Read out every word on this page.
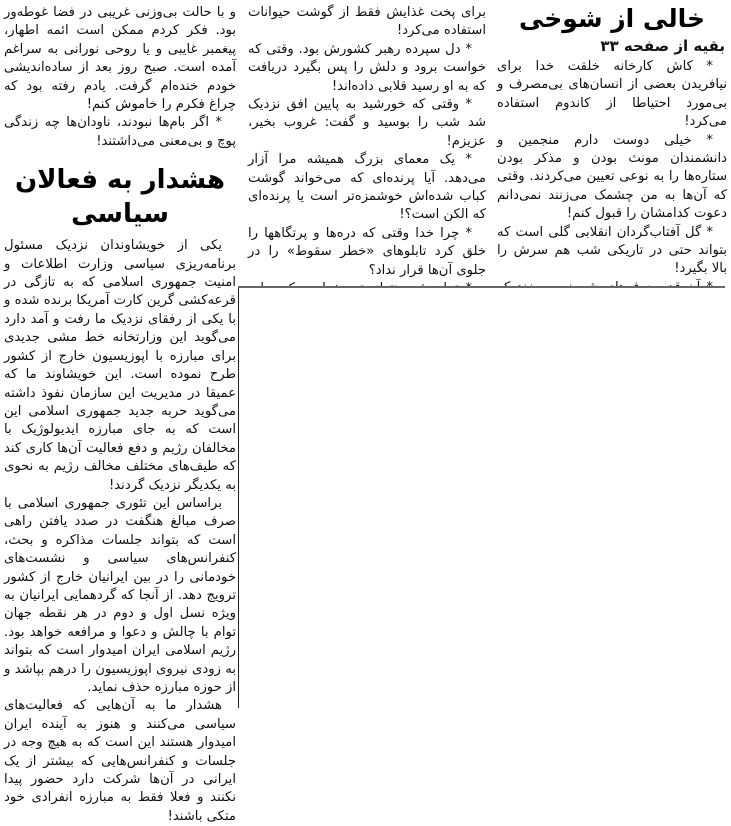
خالی از شوخی
بقیه از صفحه ۳۳

* کاش کارخانه خلقت خدا برای نیافریدن بعضی از انسان‌های بی‌مصرف و بی‌مورد احتیاطا از کاندوم استفاده می‌کرد!

* خیلی دوست دارم منجمین و دانشمندان مونث بودن و مذکر بودن ستاره‌ها را به نوعی تعیین می‌کردند. وقتی که آن‌ها به من چشمک می‌زنند نمی‌دانم دعوت کدامشان را قبول کنم!

* گل آفتاب‌گردان انقلابی گلی است که بتواند حتی در تاریکی شب هم سرش را بالا بگیرد!

برای پخت غذایش فقط از گوشت حیوانات استفاده می‌کرد!

* دل سپرده رهبر کشورش بود. وقتی که خواست برود و دلش را پس بگیرد دریافت که به او رسید قلابی داده‌اند!

* وقتی که خورشید به پایین افق نزدیک شد شب را بوسید و گفت: غروب بخیر، عزیزم!

* یک معمای بزرگ همیشه مرا آزار می‌دهد. آیا پرنده‌ای که می‌خواند گوشت کباب شده‌اش خوشمزه‌تر است یا پرنده‌ای که الکن است؟!

* چرا خدا وقتی که دره‌ها و پرتگاهها را خلق کرد تابلوهای «خطر سقوط» را در جلوی آن‌ها قرار نداد؟

و با حالت بی‌وزنی غریبی در فضا غوطه‌ور بود. فکر کردم ممکن است ائمه اطهار، پیغمبر غایبی و یا روحی نورانی به سراغم آمده است. صبح روز بعد از ساده‌اندیشی خودم خنده‌ام گرفت. یادم رفته بود که چراغ فکرم را خاموش کنم!

* اگر بام‌ها نبودند، ناودان‌ها چه زندگی پوچ و بی‌معنی می‌داشتند!

هشدار به فعالان سیاسی

یکی از خویشاوندان نزدیک مسئول برنامه‌ریزی سیاسی وزارت اطلاعات و امنیت جمهوری اسلامی که به تازگی در قرعه‌کشی گرین کارت آمریکا برنده شده و با یکی از رفقای نزدیک ما رفت و آمد دارد می‌گوید این وزارتخانه خط مشی جدیدی برای مبارزه با اپوزیسیون خارج از کشور طرح نموده است. این خویشاوند ما که عمیقا در مدیریت این سازمان نفوذ داشته می‌گوید حربه جدید جمهوری اسلامی این است که به جای مبارزه ایدیولوژیک با مخالفان رژیم و دفع فعالیت آن‌ها کاری کند که طیف‌های مختلف مخالف رژیم به نحوی به یکدیگر نزدیک گردند!

براساس این تئوری جمهوری اسلامی با صرف مبالغ هنگفت در صدد یافتن راهی است که بتواند جلسات مذاکره و بحث، کنفرانس‌های سیاسی و نشست‌های خودمانی را در بین ایرانیان خارج از کشور ترویج دهد. از آنجا که گردهمایی ایرانیان به ویژه نسل اول و دوم در هر نقطه جهان توام با چالش و دعوا و مرافعه خواهد بود. رژیم اسلامی ایران امیدوار است که بتواند به زودی نیروی اپوزیسیون را درهم بپاشد و از حوزه مبارزه حذف نماید.

هشدار ما به آن‌هایی که فعالیت‌های سیاسی می‌کنند و هنوز به آینده ایران امیدوار هستند این است که به هیچ وجه در جلسات و کنفرانس‌هایی که بیشتر از یک ایرانی در آن‌ها شرکت دارد حضور پیدا نکنند و فعلا فقط به مبارزه انفرادی خود متکی باشند!
